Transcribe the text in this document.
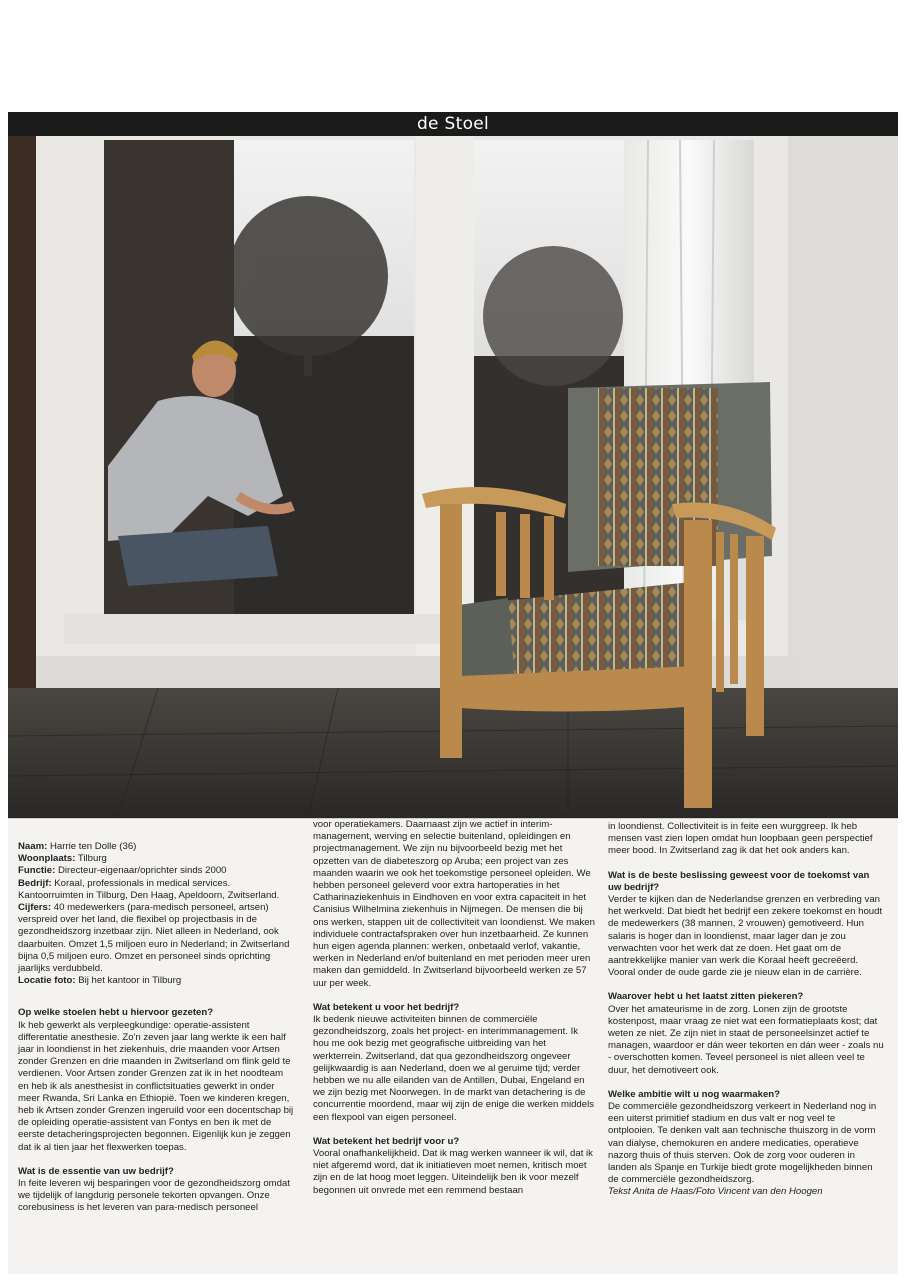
de Stoel

Naam: Harrie ten Dolle (36)

Woonplaats: Tilburg

Functie: Directeur-eigenaar/oprichter sinds 2000

Bedrijf: Koraal, professionals in medical services. Kantoorruimten in Tilburg, Den Haag, Apeldoorn, Zwitserland.

Cijfers: 40 medewerkers (para-medisch personeel, artsen) verspreid over het land, die flexibel op projectbasis in de gezondheidszorg inzetbaar zijn. Niet alleen in Nederland, ook daarbuiten. Omzet 1,5 miljoen euro in Nederland; in Zwitserland bijna 0,5 miljoen euro. Omzet en personeel sinds oprichting jaarlijks verdubbeld.

Locatie foto: Bij het kantoor in Tilburg

Op welke stoelen hebt u hiervoor gezeten?

Ik heb gewerkt als verpleegkundige: operatie-assistent differentatie anesthesie. Zo'n zeven jaar lang werkte ik een half jaar in loondienst in het ziekenhuis, drie maanden voor Artsen zonder Grenzen en drie maanden in Zwitserland om flink geld te verdienen. Voor Artsen zonder Grenzen zat ik in het noodteam en heb ik als anesthesist in conflictsituaties gewerkt in onder meer Rwanda, Sri Lanka en Ethiopië. Toen we kinderen kregen, heb ik Artsen zonder Grenzen ingeruild voor een docentschap bij de opleiding operatie-assistent van Fontys en ben ik met de eerste detacheringsprojecten begonnen. Eigenlijk kun je zeggen dat ik al tien jaar het flexwerken toepas.

Wat is de essentie van uw bedrijf?

In feite leveren wij besparingen voor de gezondheidszorg omdat we tijdelijk of langdurig personele tekorten opvangen. Onze corebusiness is het leveren van para-medisch personeel

voor operatiekamers. Daarnaast zijn we actief in interim-management, werving en selectie buitenland, opleidingen en projectmanagement. We zijn nu bijvoorbeeld bezig met het opzetten van de diabeteszorg op Aruba; een project van zes maanden waarin we ook het toekomstige personeel opleiden. We hebben personeel geleverd voor extra hartoperaties in het Catharinaziekenhuis in Eindhoven en voor extra capaciteit in het Canisius Wilhelmina ziekenhuis in Nijmegen. De mensen die bij ons werken, stappen uit de collectiviteit van loondienst. We maken individuele contractafspraken over hun inzetbaarheid. Ze kunnen hun eigen agenda plannen: werken, onbetaald verlof, vakantie, werken in Nederland en/of buitenland en met perioden meer uren maken dan gemiddeld. In Zwitserland bijvoorbeeld werken ze 57 uur per week.

Wat betekent u voor het bedrijf?

Ik bedenk nieuwe activiteiten binnen de commerciële gezondheidszorg, zoals het project- en interimmanagement. Ik hou me ook bezig met geografische uitbreiding van het werkterrein. Zwitserland, dat qua gezondheidszorg ongeveer gelijkwaardig is aan Nederland, doen we al geruime tijd; verder hebben we nu alle eilanden van de Antillen, Dubai, Engeland en we zijn bezig met Noorwegen. In de markt van detachering is de concurrentie moordend, maar wij zijn de enige die werken middels een flexpool van eigen personeel.

Wat betekent het bedrijf voor u?

Vooral onafhankelijkheid. Dat ik mag werken wanneer ik wil, dat ik niet afgeremd word, dat ik initiatieven moet nemen, kritisch moet zijn en de lat hoog moet leggen. Uiteindelijk ben ik voor mezelf begonnen uit onvrede met een remmend bestaan

in loondienst. Collectiviteit is in feite een wurggreep. Ik heb mensen vast zien lopen omdat hun loopbaan geen perspectief meer bood. In Zwitserland zag ik dat het ook anders kan.

Wat is de beste beslissing geweest voor de toekomst van uw bedrijf?

Verder te kijken dan de Nederlandse grenzen en verbreding van het werkveld. Dat biedt het bedrijf een zekere toekomst en houdt de medewerkers (38 mannen, 2 vrouwen) gemotiveerd. Hun salaris is hoger dan in loondienst, maar lager dan je zou verwachten voor het werk dat ze doen. Het gaat om de aantrekkelijke manier van werk die Koraal heeft gecreëerd. Vooral onder de oude garde zie je nieuw elan in de carrière.

Waarover hebt u het laatst zitten piekeren?

Over het amateurisme in de zorg. Lonen zijn de grootste kostenpost, maar vraag ze niet wat een formatieplaats kost; dat weten ze niet. Ze zijn niet in staat de personeelsinzet actief te managen, waardoor er dán weer tekorten en dán weer - zoals nu - overschotten komen. Teveel personeel is niet alleen veel te duur, het demotiveert ook.

Welke ambitie wilt u nog waarmaken?

De commerciële gezondheidszorg verkeert in Nederland nog in een uiterst primitief stadium en dus valt er nog veel te ontplooien. Te denken valt aan technische thuiszorg in de vorm van dialyse, chemokuren en andere medicaties, operatieve nazorg thuis of thuis sterven. Ook de zorg voor ouderen in landen als Spanje en Turkije biedt grote mogelijkheden binnen de commerciële gezondheidszorg.

Tekst Anita de Haas/Foto Vincent van den Hoogen
